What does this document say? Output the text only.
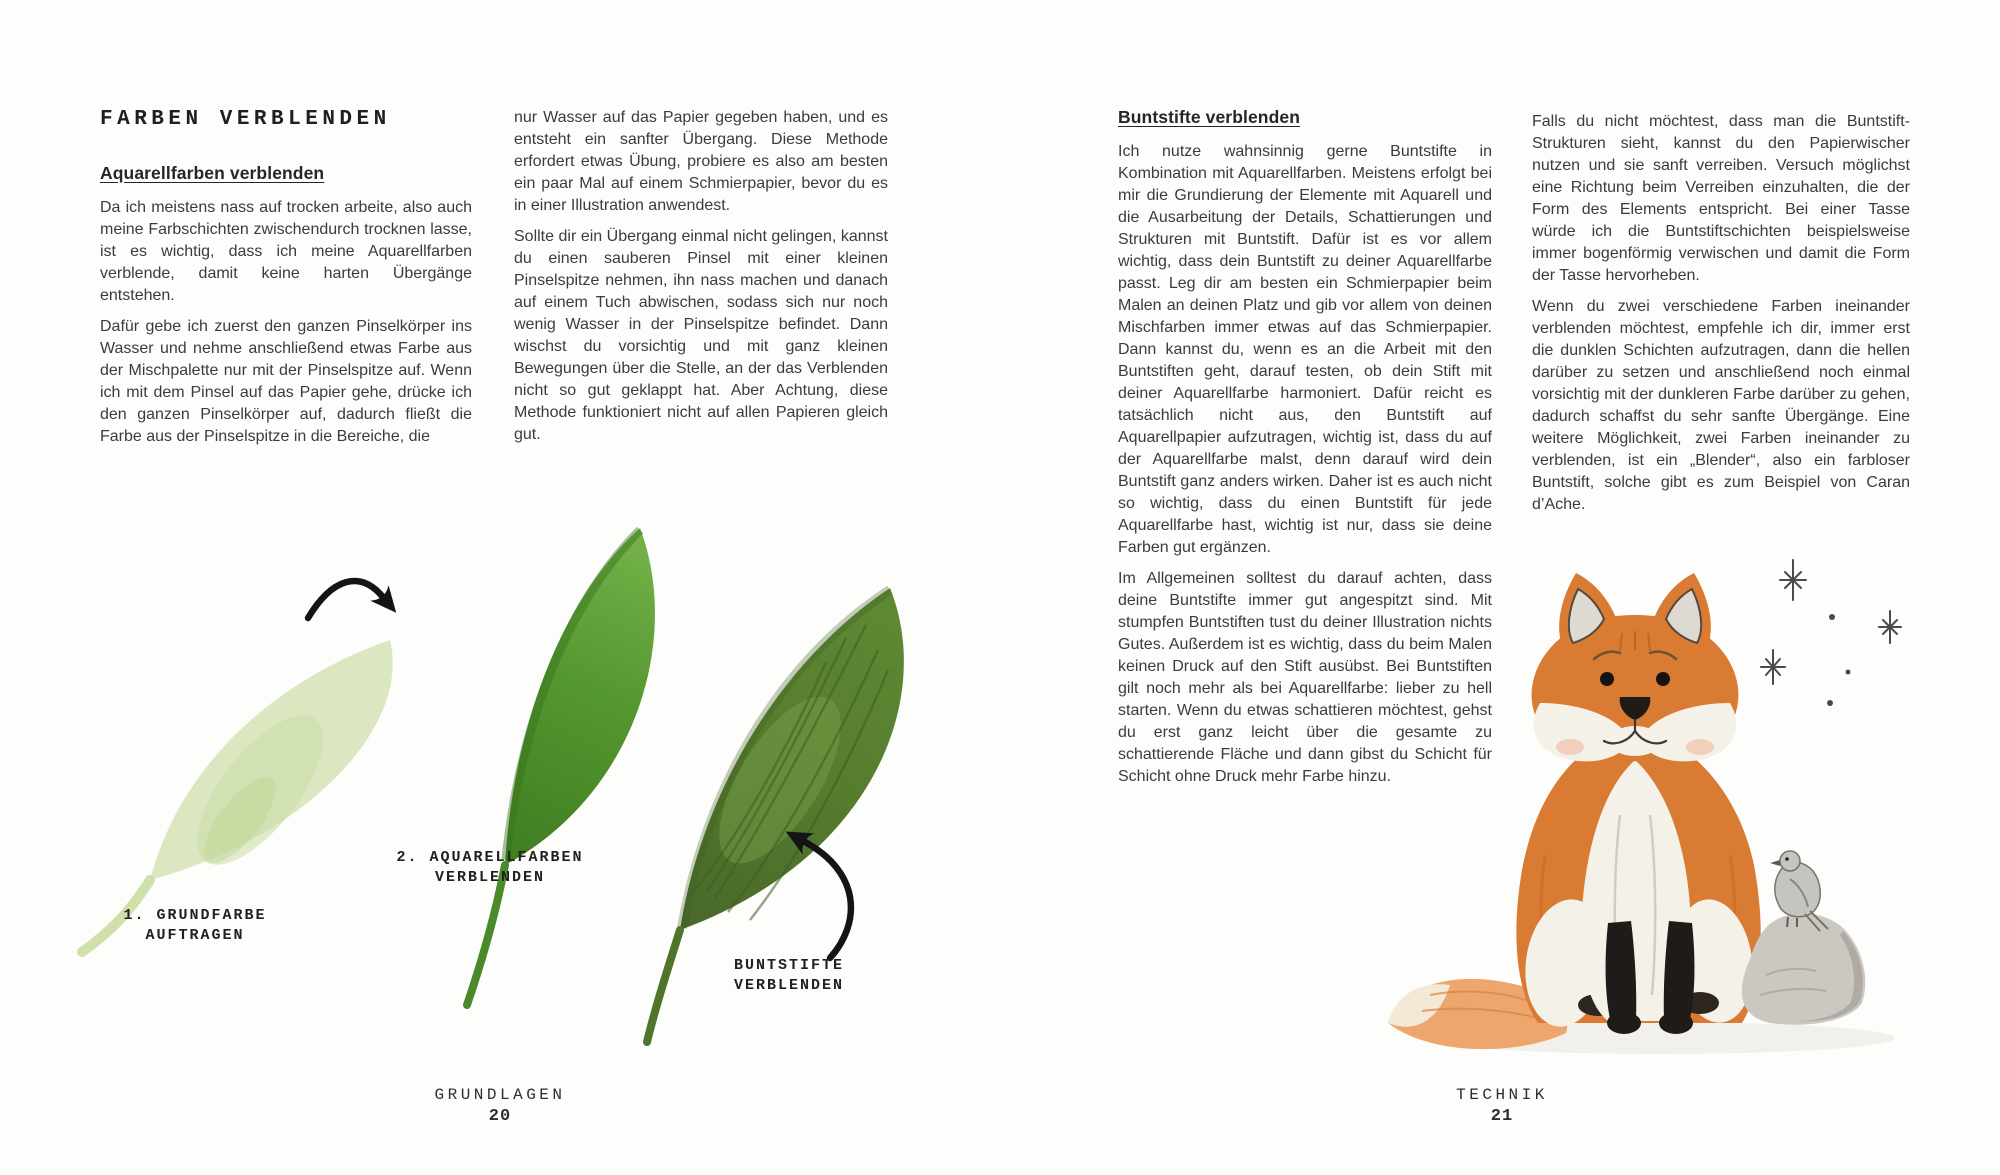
FARBEN VERBLENDEN
Aquarellfarben verblenden

Da ich meistens nass auf trocken arbeite, also auch meine Farbschichten zwischendurch trocknen lasse, ist es wichtig, dass ich meine Aquarellfarben verblende, damit keine harten Übergänge entstehen.

Dafür gebe ich zuerst den ganzen Pinselkörper ins Wasser und nehme anschließend etwas Farbe aus der Mischpalette nur mit der Pinselspitze auf. Wenn ich mit dem Pinsel auf das Papier gehe, drücke ich den ganzen Pinselkörper auf, dadurch fließt die Farbe aus der Pinselspitze in die Bereiche, die

nur Wasser auf das Papier gegeben haben, und es entsteht ein sanfter Übergang. Diese Methode erfordert etwas Übung, probiere es also am besten ein paar Mal auf einem Schmierpapier, bevor du es in einer Illustration anwendest.

Sollte dir ein Übergang einmal nicht gelingen, kannst du einen sauberen Pinsel mit einer kleinen Pinselspitze nehmen, ihn nass machen und danach auf einem Tuch abwischen, sodass sich nur noch wenig Wasser in der Pinselspitze befindet. Dann wischst du vorsichtig und mit ganz kleinen Bewegungen über die Stelle, an der das Verblenden nicht so gut geklappt hat. Aber Achtung, diese Methode funktioniert nicht auf allen Papieren gleich gut.

1. GRUNDFARBE
AUFTRAGEN
2. AQUARELLFARBEN
VERBLENDEN
BUNTSTIFTE
VERBLENDEN
GRUNDLAGEN
20
Buntstifte verblenden

Ich nutze wahnsinnig gerne Buntstifte in Kombination mit Aquarellfarben. Meistens erfolgt bei mir die Grundierung der Elemente mit Aquarell und die Ausarbeitung der Details, Schattierungen und Strukturen mit Buntstift. Dafür ist es vor allem wichtig, dass dein Buntstift zu deiner Aquarellfarbe passt. Leg dir am besten ein Schmierpapier beim Malen an deinen Platz und gib vor allem von deinen Mischfarben immer etwas auf das Schmierpapier. Dann kannst du, wenn es an die Arbeit mit den Buntstiften geht, darauf testen, ob dein Stift mit deiner Aquarellfarbe harmoniert. Dafür reicht es tatsächlich nicht aus, den Buntstift auf Aquarellpapier aufzutragen, wichtig ist, dass du auf der Aquarellfarbe malst, denn darauf wird dein Buntstift ganz anders wirken. Daher ist es auch nicht so wichtig, dass du einen Buntstift für jede Aquarellfarbe hast, wichtig ist nur, dass sie deine Farben gut ergänzen.

Im Allgemeinen solltest du darauf achten, dass deine Buntstifte immer gut angespitzt sind. Mit stumpfen Buntstiften tust du deiner Illustration nichts Gutes. Außerdem ist es wichtig, dass du beim Malen keinen Druck auf den Stift ausübst. Bei Buntstiften gilt noch mehr als bei Aquarellfarbe: lieber zu hell starten. Wenn du etwas schattieren möchtest, gehst du erst ganz leicht über die gesamte zu schattierende Fläche und dann gibst du Schicht für Schicht ohne Druck mehr Farbe hinzu.

Falls du nicht möchtest, dass man die Buntstift-Strukturen sieht, kannst du den Papierwischer nutzen und sie sanft verreiben. Versuch möglichst eine Richtung beim Verreiben einzuhalten, die der Form des Elements entspricht. Bei einer Tasse würde ich die Buntstiftschichten beispielsweise immer bogenförmig verwischen und damit die Form der Tasse hervorheben.

Wenn du zwei verschiedene Farben ineinander verblenden möchtest, empfehle ich dir, immer erst die dunklen Schichten aufzutragen, dann die hellen darüber zu setzen und anschließend noch einmal vorsichtig mit der dunkleren Farbe darüber zu gehen, dadurch schaffst du sehr sanfte Übergänge. Eine weitere Möglichkeit, zwei Farben ineinander zu verblenden, ist ein „Blender“, also ein farbloser Buntstift, solche gibt es zum Beispiel von Caran d’Ache.

TECHNIK
21
